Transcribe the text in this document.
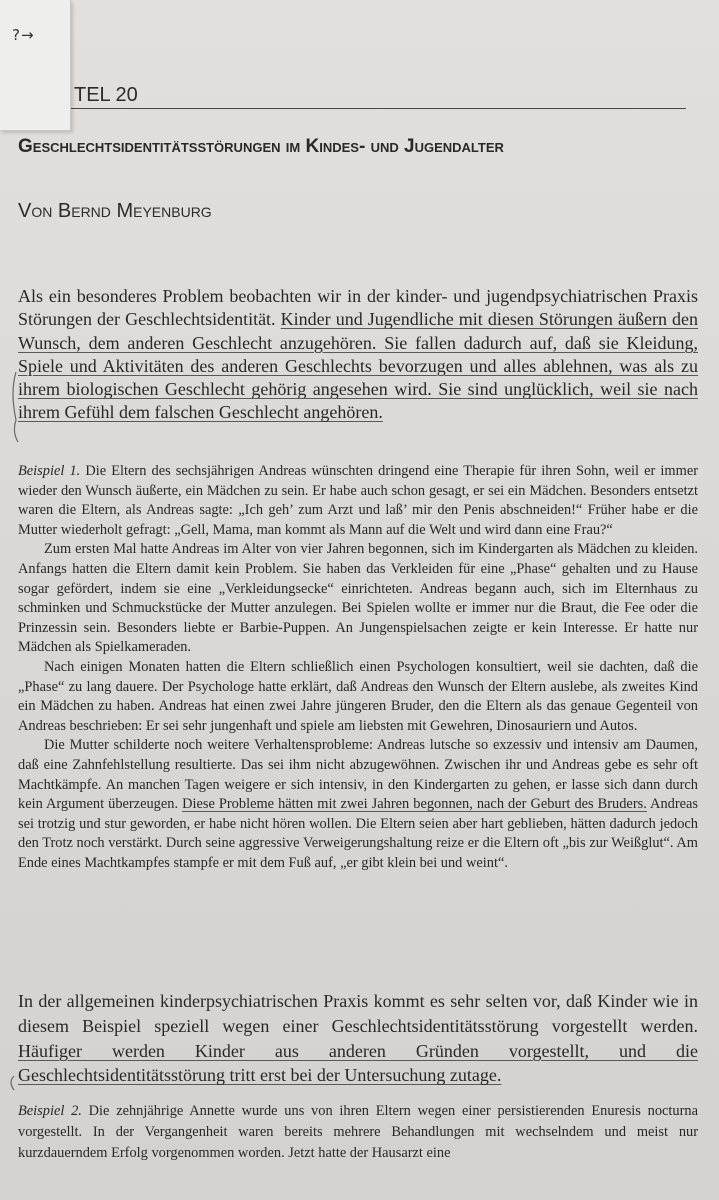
TEL 20
?→
Geschlechtsidentitätsstörungen im Kindes- und Jugendalter
Von Bernd Meyenburg

Als ein besonderes Problem beobachten wir in der kinder- und jugendpsychiatrischen Praxis Störungen der Geschlechtsidentität. Kinder und Jugendliche mit diesen Störungen äußern den Wunsch, dem anderen Geschlecht anzugehören. Sie fallen dadurch auf, daß sie Kleidung, Spiele und Aktivitäten des anderen Geschlechts bevorzugen und alles ablehnen, was als zu ihrem biologischen Geschlecht gehörig angesehen wird. Sie sind unglücklich, weil sie nach ihrem Gefühl dem falschen Geschlecht angehören.

Beispiel 1. Die Eltern des sechsjährigen Andreas wünschten dringend eine Therapie für ihren Sohn, weil er immer wieder den Wunsch äußerte, ein Mädchen zu sein. Er habe auch schon gesagt, er sei ein Mädchen. Besonders entsetzt waren die Eltern, als Andreas sagte: „Ich geh’ zum Arzt und laß’ mir den Penis abschneiden!“ Früher habe er die Mutter wiederholt gefragt: „Gell, Mama, man kommt als Mann auf die Welt und wird dann eine Frau?“

Zum ersten Mal hatte Andreas im Alter von vier Jahren begonnen, sich im Kindergarten als Mädchen zu kleiden. Anfangs hatten die Eltern damit kein Problem. Sie haben das Verkleiden für eine „Phase“ gehalten und zu Hause sogar gefördert, indem sie eine „Verkleidungsecke“ einrichteten. Andreas begann auch, sich im Elternhaus zu schminken und Schmuckstücke der Mutter anzulegen. Bei Spielen wollte er immer nur die Braut, die Fee oder die Prinzessin sein. Besonders liebte er Barbie-Puppen. An Jungenspielsachen zeigte er kein Interesse. Er hatte nur Mädchen als Spielkameraden.

Nach einigen Monaten hatten die Eltern schließlich einen Psychologen konsultiert, weil sie dachten, daß die „Phase“ zu lang dauere. Der Psychologe hatte erklärt, daß Andreas den Wunsch der Eltern auslebe, als zweites Kind ein Mädchen zu haben. Andreas hat einen zwei Jahre jüngeren Bruder, den die Eltern als das genaue Gegenteil von Andreas beschrieben: Er sei sehr jungenhaft und spiele am liebsten mit Gewehren, Dinosauriern und Autos.

Die Mutter schilderte noch weitere Verhaltensprobleme: Andreas lutsche so exzessiv und intensiv am Daumen, daß eine Zahnfehlstellung resultierte. Das sei ihm nicht abzugewöhnen. Zwischen ihr und Andreas gebe es sehr oft Machtkämpfe. An manchen Tagen weigere er sich intensiv, in den Kindergarten zu gehen, er lasse sich dann durch kein Argument überzeugen. Diese Probleme hätten mit zwei Jahren begonnen, nach der Geburt des Bruders. Andreas sei trotzig und stur geworden, er habe nicht hören wollen. Die Eltern seien aber hart geblieben, hätten dadurch jedoch den Trotz noch verstärkt. Durch seine aggressive Verweigerungshaltung reize er die Eltern oft „bis zur Weißglut“. Am Ende eines Machtkampfes stampfe er mit dem Fuß auf, „er gibt klein bei und weint“.

In der allgemeinen kinderpsychiatrischen Praxis kommt es sehr selten vor, daß Kinder wie in diesem Beispiel speziell wegen einer Geschlechtsidentitätsstörung vorgestellt werden. Häufiger werden Kinder aus anderen Gründen vorgestellt, und die Geschlechtsidentitätsstörung tritt erst bei der Untersuchung zutage.

Beispiel 2. Die zehnjährige Annette wurde uns von ihren Eltern wegen einer persistierenden Enuresis nocturna vorgestellt. In der Vergangenheit waren bereits mehrere Behandlungen mit wechselndem und meist nur kurzdauerndem Erfolg vorgenommen worden. Jetzt hatte der Hausarzt eine
